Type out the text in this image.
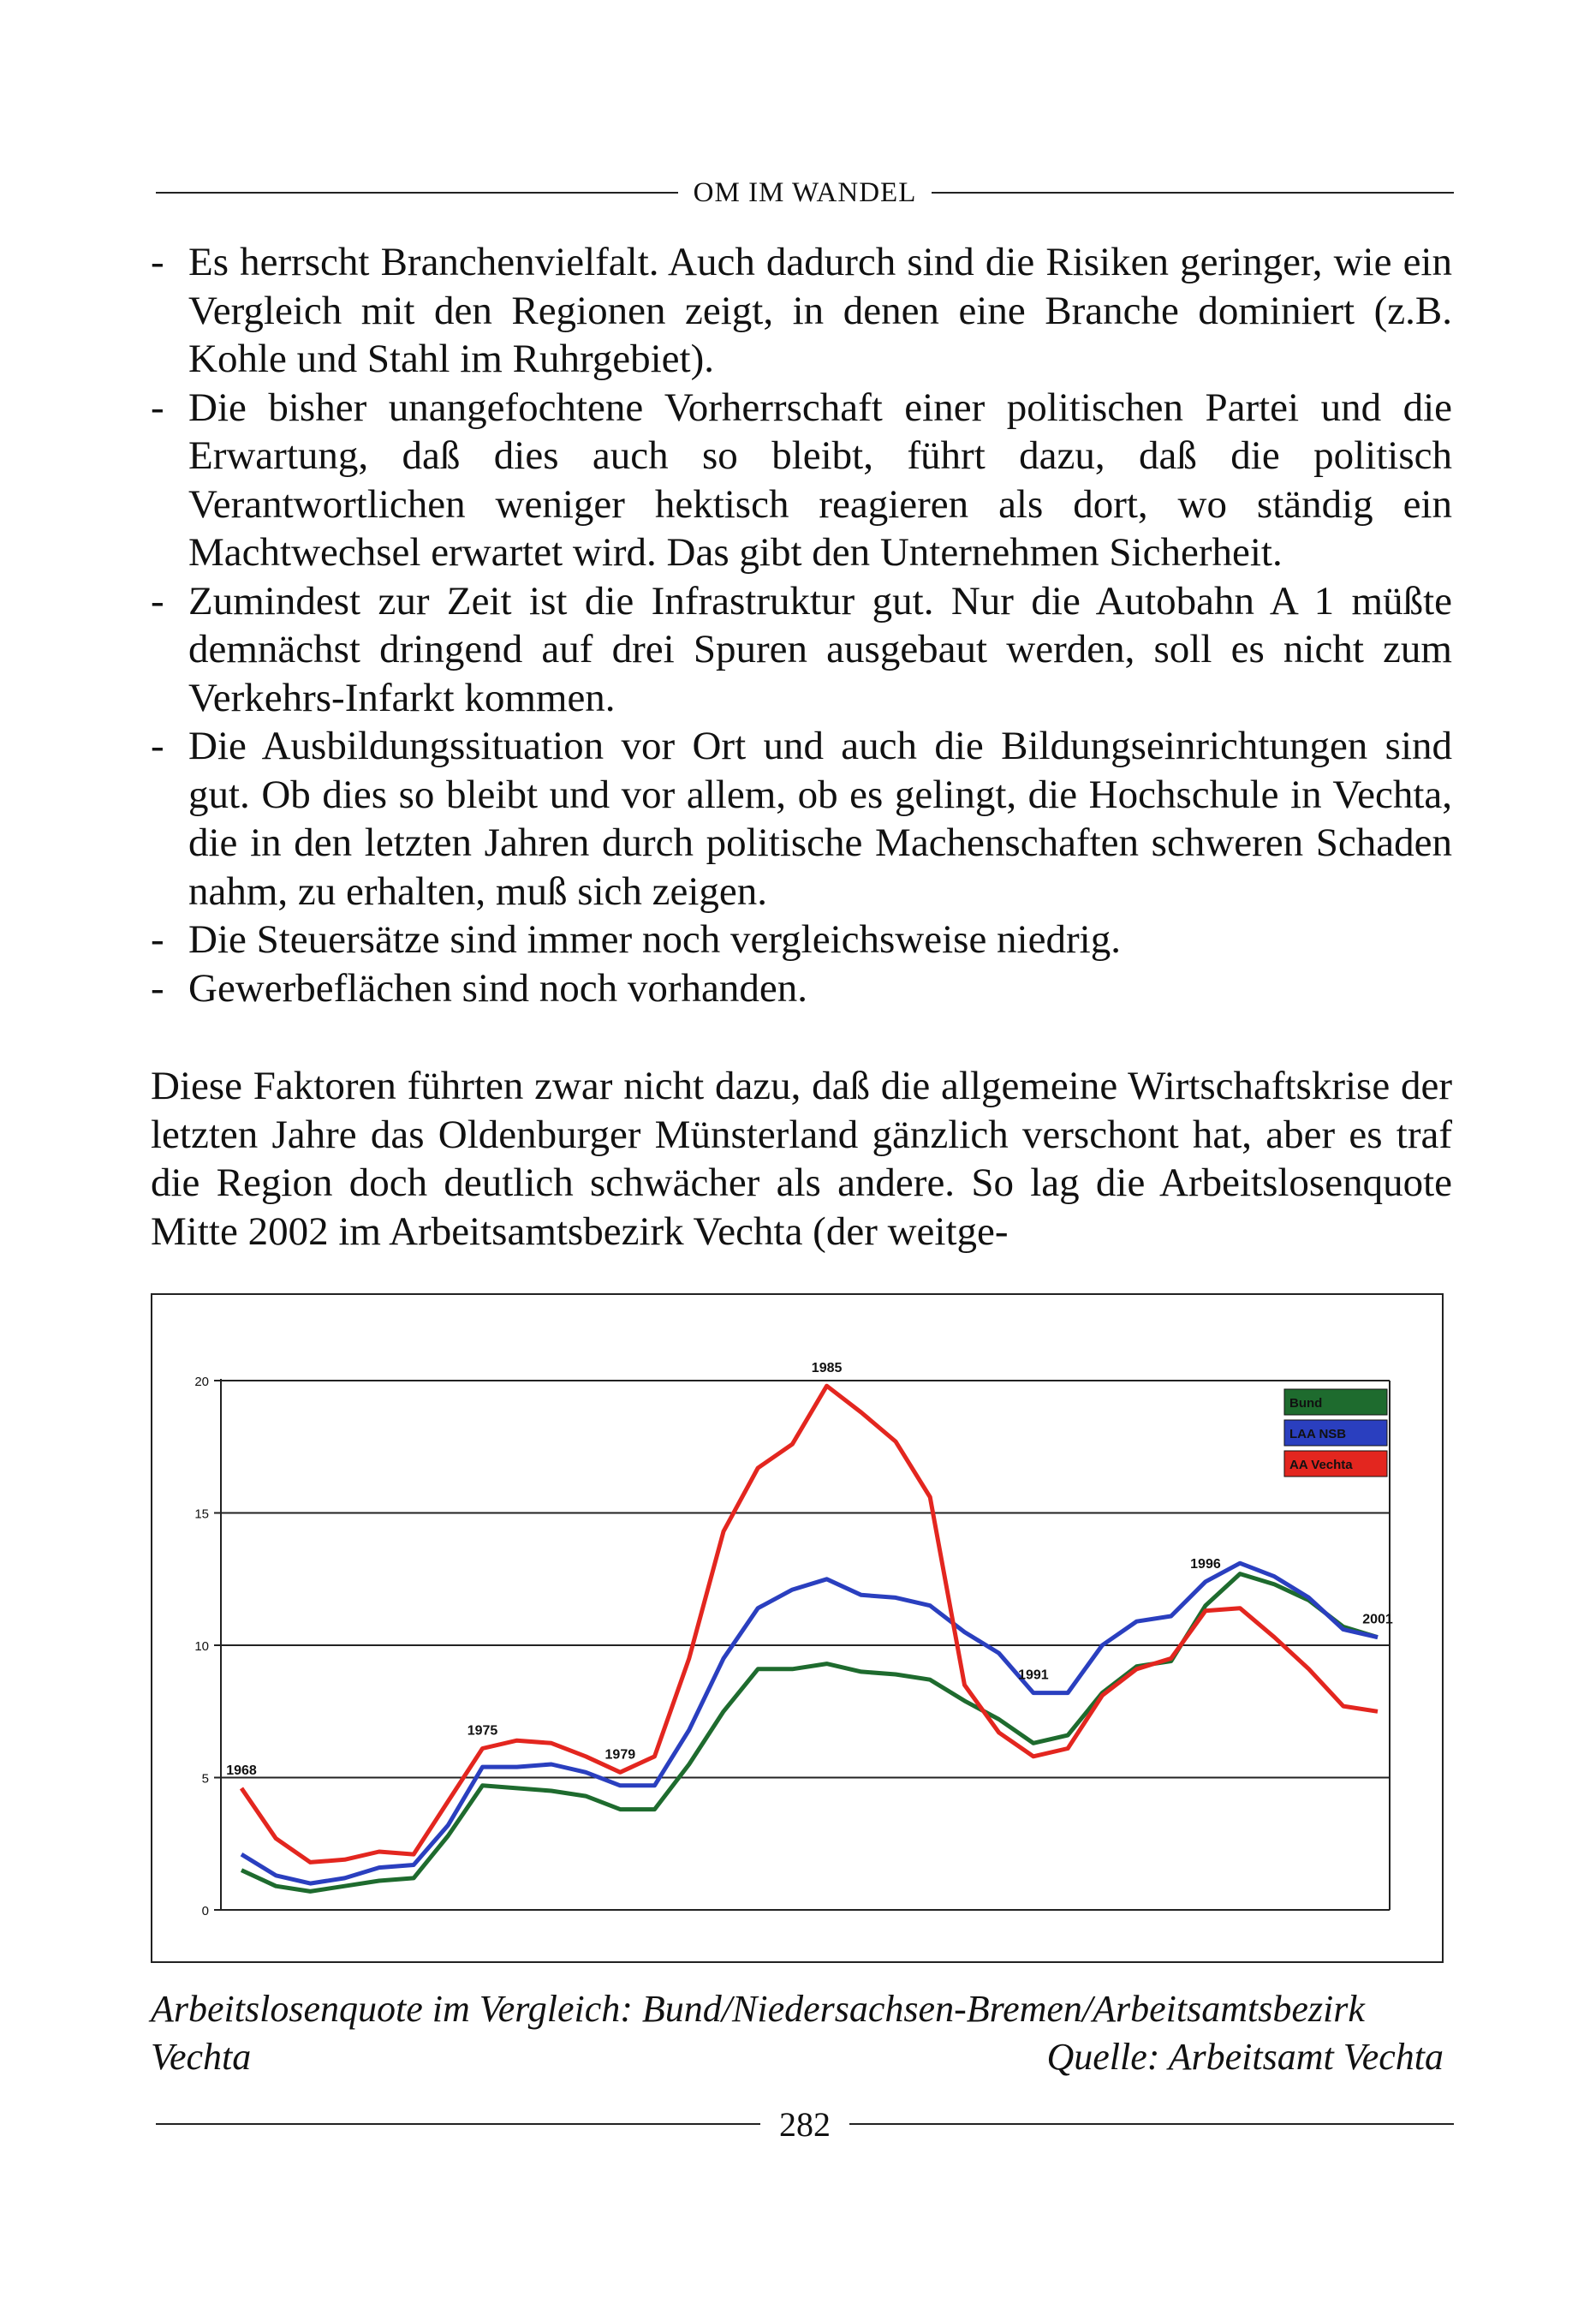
OM IM WANDEL
- Es herrscht Branchenvielfalt. Auch dadurch sind die Risiken geringer, wie ein Vergleich mit den Regionen zeigt, in denen eine Branche dominiert (z.B. Kohle und Stahl im Ruhrgebiet).
- Die bisher unangefochtene Vorherrschaft einer politischen Partei und die Erwartung, daß dies auch so bleibt, führt dazu, daß die politisch Verantwortlichen weniger hektisch reagieren als dort, wo ständig ein Machtwechsel erwartet wird. Das gibt den Unternehmen Sicherheit.
- Zumindest zur Zeit ist die Infrastruktur gut. Nur die Autobahn A 1 müßte demnächst dringend auf drei Spuren ausgebaut werden, soll es nicht zum Verkehrs-Infarkt kommen.
- Die Ausbildungssituation vor Ort und auch die Bildungseinrichtungen sind gut. Ob dies so bleibt und vor allem, ob es gelingt, die Hochschule in Vechta, die in den letzten Jahren durch politische Machenschaften schweren Schaden nahm, zu erhalten, muß sich zeigen.
- Die Steuersätze sind immer noch vergleichsweise niedrig.
- Gewerbeflächen sind noch vorhanden.
Diese Faktoren führten zwar nicht dazu, daß die allgemeine Wirtschaftskrise der letzten Jahre das Oldenburger Münsterland gänzlich verschont hat, aber es traf die Region doch deutlich schwächer als andere. So lag die Arbeitslosenquote Mitte 2002 im Arbeitsamtsbezirk Vechta (der weitge-
0
5
10
15
20
1968
1975
1979
1985
1991
1996
2001
Bund
LAA NSB
AA Vechta
Arbeitslosenquote im Vergleich: Bund/Niedersachsen-Bremen/Arbeitsamtsbezirk Vechta	Quelle: Arbeitsamt Vechta
282
